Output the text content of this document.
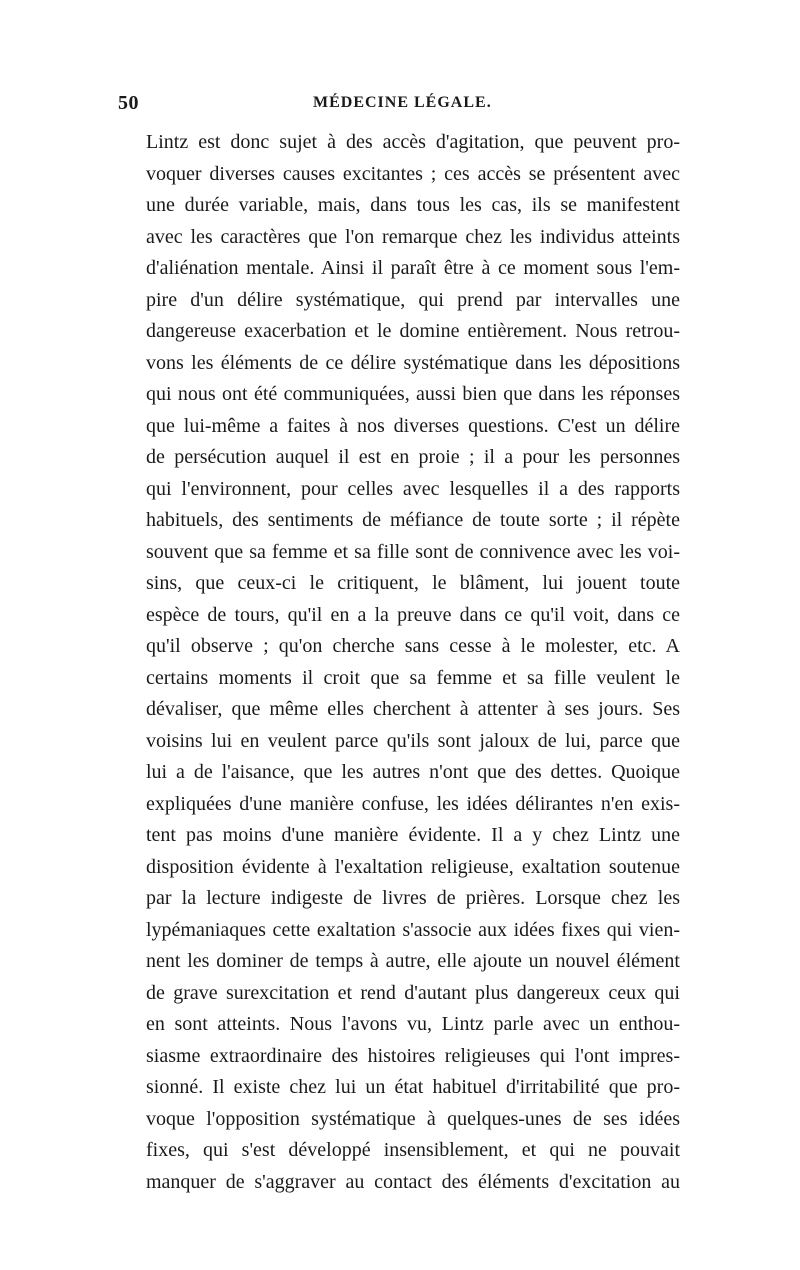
50	MÉDECINE LÉGALE.
Lintz est donc sujet à des accès d'agitation, que peuvent pro-
voquer diverses causes excitantes ; ces accès se présentent avec
une durée variable, mais, dans tous les cas, ils se manifestent
avec les caractères que l'on remarque chez les individus atteints
d'aliénation mentale. Ainsi il paraît être à ce moment sous l'em-
pire d'un délire systématique, qui prend par intervalles une
dangereuse exacerbation et le domine entièrement. Nous retrou-
vons les éléments de ce délire systématique dans les dépositions
qui nous ont été communiquées, aussi bien que dans les réponses
que lui-même a faites à nos diverses questions. C'est un délire
de persécution auquel il est en proie ; il a pour les personnes
qui l'environnent, pour celles avec lesquelles il a des rapports
habituels, des sentiments de méfiance de toute sorte ; il répète
souvent que sa femme et sa fille sont de connivence avec les voi-
sins, que ceux-ci le critiquent, le blâment, lui jouent toute
espèce de tours, qu'il en a la preuve dans ce qu'il voit, dans ce
qu'il observe ; qu'on cherche sans cesse à le molester, etc. A
certains moments il croit que sa femme et sa fille veulent le
dévaliser, que même elles cherchent à attenter à ses jours. Ses
voisins lui en veulent parce qu'ils sont jaloux de lui, parce que
lui a de l'aisance, que les autres n'ont que des dettes. Quoique
expliquées d'une manière confuse, les idées délirantes n'en exis-
tent pas moins d'une manière évidente. Il a y chez Lintz une
disposition évidente à l'exaltation religieuse, exaltation soutenue
par la lecture indigeste de livres de prières. Lorsque chez les
lypémaniaques cette exaltation s'associe aux idées fixes qui vien-
nent les dominer de temps à autre, elle ajoute un nouvel élément
de grave surexcitation et rend d'autant plus dangereux ceux qui
en sont atteints. Nous l'avons vu, Lintz parle avec un enthou-
siasme extraordinaire des histoires religieuses qui l'ont impres-
sionné. Il existe chez lui un état habituel d'irritabilité que pro-
voque l'opposition systématique à quelques-unes de ses idées
fixes, qui s'est développé insensiblement, et qui ne pouvait
manquer de s'aggraver au contact des éléments d'excitation au
